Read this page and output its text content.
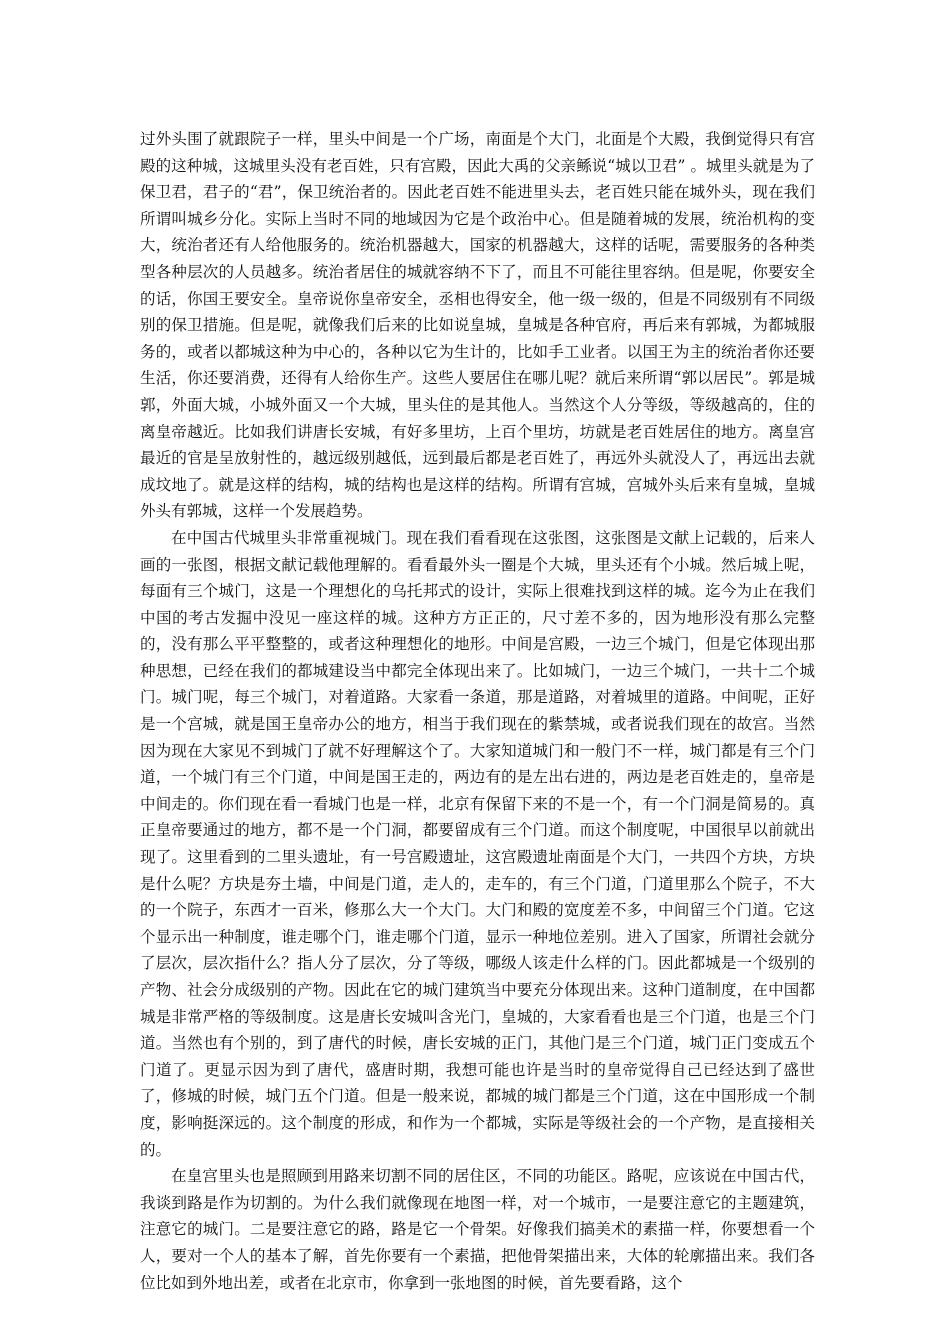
过外头围了就跟院子一样，里头中间是一个广场，南面是个大门，北面是个大殿，我倒觉得只有宫殿的这种城，这城里头没有老百姓，只有宫殿，因此大禹的父亲鲧说“城以卫君” 。城里头就是为了保卫君，君子的“君”，保卫统治者的。因此老百姓不能进里头去，老百姓只能在城外头，现在我们所谓叫城乡分化。实际上当时不同的地域因为它是个政治中心。但是随着城的发展，统治机构的变大，统治者还有人给他服务的。统治机器越大，国家的机器越大，这样的话呢，需要服务的各种类型各种层次的人员越多。统治者居住的城就容纳不下了，而且不可能往里容纳。但是呢，你要安全的话，你国王要安全。皇帝说你皇帝安全，丞相也得安全，他一级一级的，但是不同级别有不同级别的保卫措施。但是呢，就像我们后来的比如说皇城，皇城是各种官府，再后来有郭城，为都城服务的，或者以都城这种为中心的，各种以它为生计的，比如手工业者。以国王为主的统治者你还要生活，你还要消费，还得有人给你生产。这些人要居住在哪儿呢？就后来所谓“郭以居民”。郭是城郭，外面大城，小城外面又一个大城，里头住的是其他人。当然这个人分等级，等级越高的，住的离皇帝越近。比如我们讲唐长安城，有好多里坊，上百个里坊，坊就是老百姓居住的地方。离皇宫最近的官是呈放射性的，越远级别越低，远到最后都是老百姓了，再远外头就没人了，再远出去就成坟地了。就是这样的结构，城的结构也是这样的结构。所谓有宫城，宫城外头后来有皇城，皇城外头有郭城，这样一个发展趋势。

在中国古代城里头非常重视城门。现在我们看看现在这张图，这张图是文献上记载的，后来人画的一张图，根据文献记载他理解的。看看最外头一圈是个大城，里头还有个小城。然后城上呢，每面有三个城门，这是一个理想化的乌托邦式的设计，实际上很难找到这样的城。迄今为止在我们中国的考古发掘中没见一座这样的城。这种方方正正的，尺寸差不多的，因为地形没有那么完整的，没有那么平平整整的，或者这种理想化的地形。中间是宫殿，一边三个城门，但是它体现出那种思想，已经在我们的都城建设当中都完全体现出来了。比如城门，一边三个城门，一共十二个城门。城门呢，每三个城门，对着道路。大家看一条道，那是道路，对着城里的道路。中间呢，正好是一个宫城，就是国王皇帝办公的地方，相当于我们现在的紫禁城，或者说我们现在的故宫。当然因为现在大家见不到城门了就不好理解这个了。大家知道城门和一般门不一样，城门都是有三个门道，一个城门有三个门道，中间是国王走的，两边有的是左出右进的，两边是老百姓走的，皇帝是中间走的。你们现在看一看城门也是一样，北京有保留下来的不是一个，有一个门洞是简易的。真正皇帝要通过的地方，都不是一个门洞，都要留成有三个门道。而这个制度呢，中国很早以前就出现了。这里看到的二里头遗址，有一号宫殿遗址，这宫殿遗址南面是个大门，一共四个方块，方块是什么呢？方块是夯土墙，中间是门道，走人的，走车的，有三个门道，门道里那么个院子，不大的一个院子，东西才一百米，修那么大一个大门。大门和殿的宽度差不多，中间留三个门道。它这个显示出一种制度，谁走哪个门，谁走哪个门道，显示一种地位差别。进入了国家，所谓社会就分了层次，层次指什么？指人分了层次，分了等级，哪级人该走什么样的门。因此都城是一个级别的产物、社会分成级别的产物。因此在它的城门建筑当中要充分体现出来。这种门道制度，在中国都城是非常严格的等级制度。这是唐长安城叫含光门，皇城的，大家看看也是三个门道，也是三个门道。当然也有个别的，到了唐代的时候，唐长安城的正门，其他门是三个门道，城门正门变成五个门道了。更显示因为到了唐代，盛唐时期，我想可能也许是当时的皇帝觉得自己已经达到了盛世了，修城的时候，城门五个门道。但是一般来说，都城的城门都是三个门道，这在中国形成一个制度，影响挺深远的。这个制度的形成，和作为一个都城，实际是等级社会的一个产物，是直接相关的。

在皇宫里头也是照顾到用路来切割不同的居住区，不同的功能区。路呢，应该说在中国古代，我谈到路是作为切割的。为什么我们就像现在地图一样，对一个城市，一是要注意它的主题建筑，注意它的城门。二是要注意它的路，路是它一个骨架。好像我们搞美术的素描一样，你要想看一个人，要对一个人的基本了解，首先你要有一个素描，把他骨架描出来，大体的轮廓描出来。我们各位比如到外地出差，或者在北京市，你拿到一张地图的时候，首先要看路，这个
